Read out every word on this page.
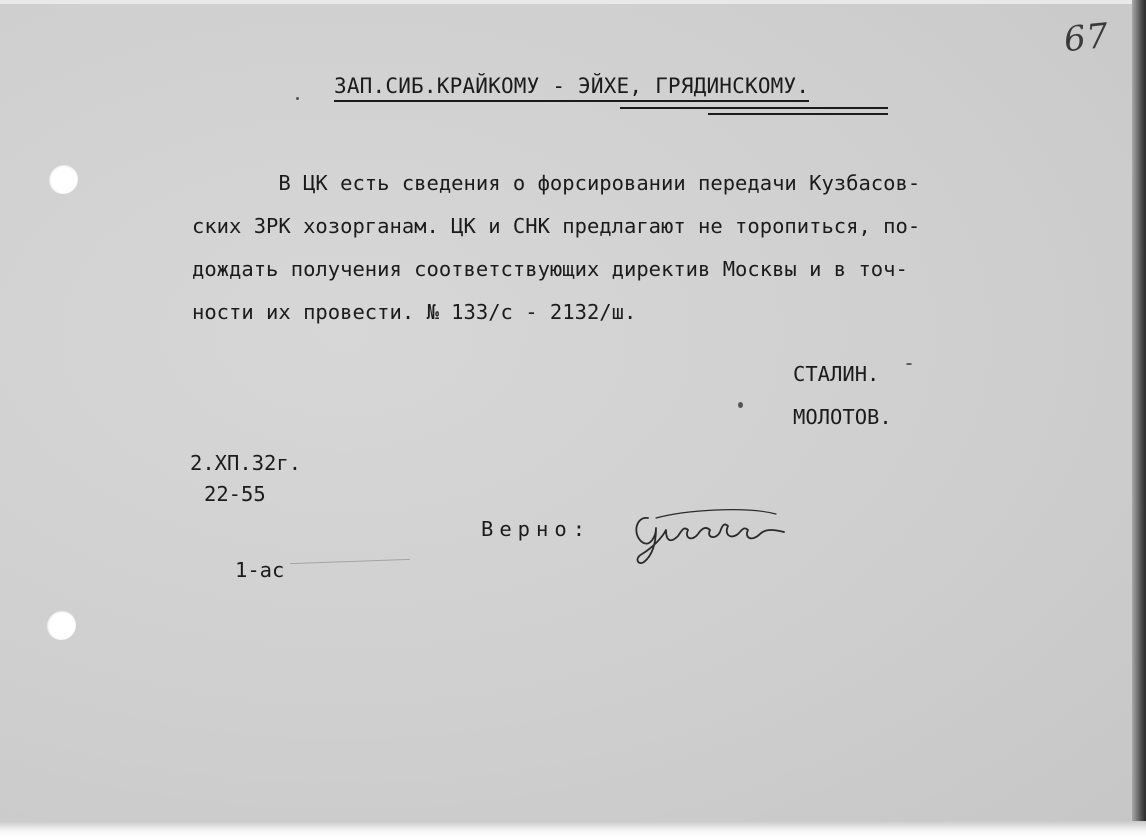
67
ЗАП.СИБ.КРАЙКОМУ - ЭЙХЕ, ГРЯДИНСКОМУ.
В ЦК есть сведения о форсировании передачи Кузбасов-
ских ЗРК хозорганам. ЦК и СНК предлагают не торопиться, по-
дождать получения соответствующих директив Москвы и в точ-
ности их провести. № 133/с - 2132/ш.
СТАЛИН.
МОЛОТОВ.
2.ХП.32г.
22-55
1-ас
Верно:
